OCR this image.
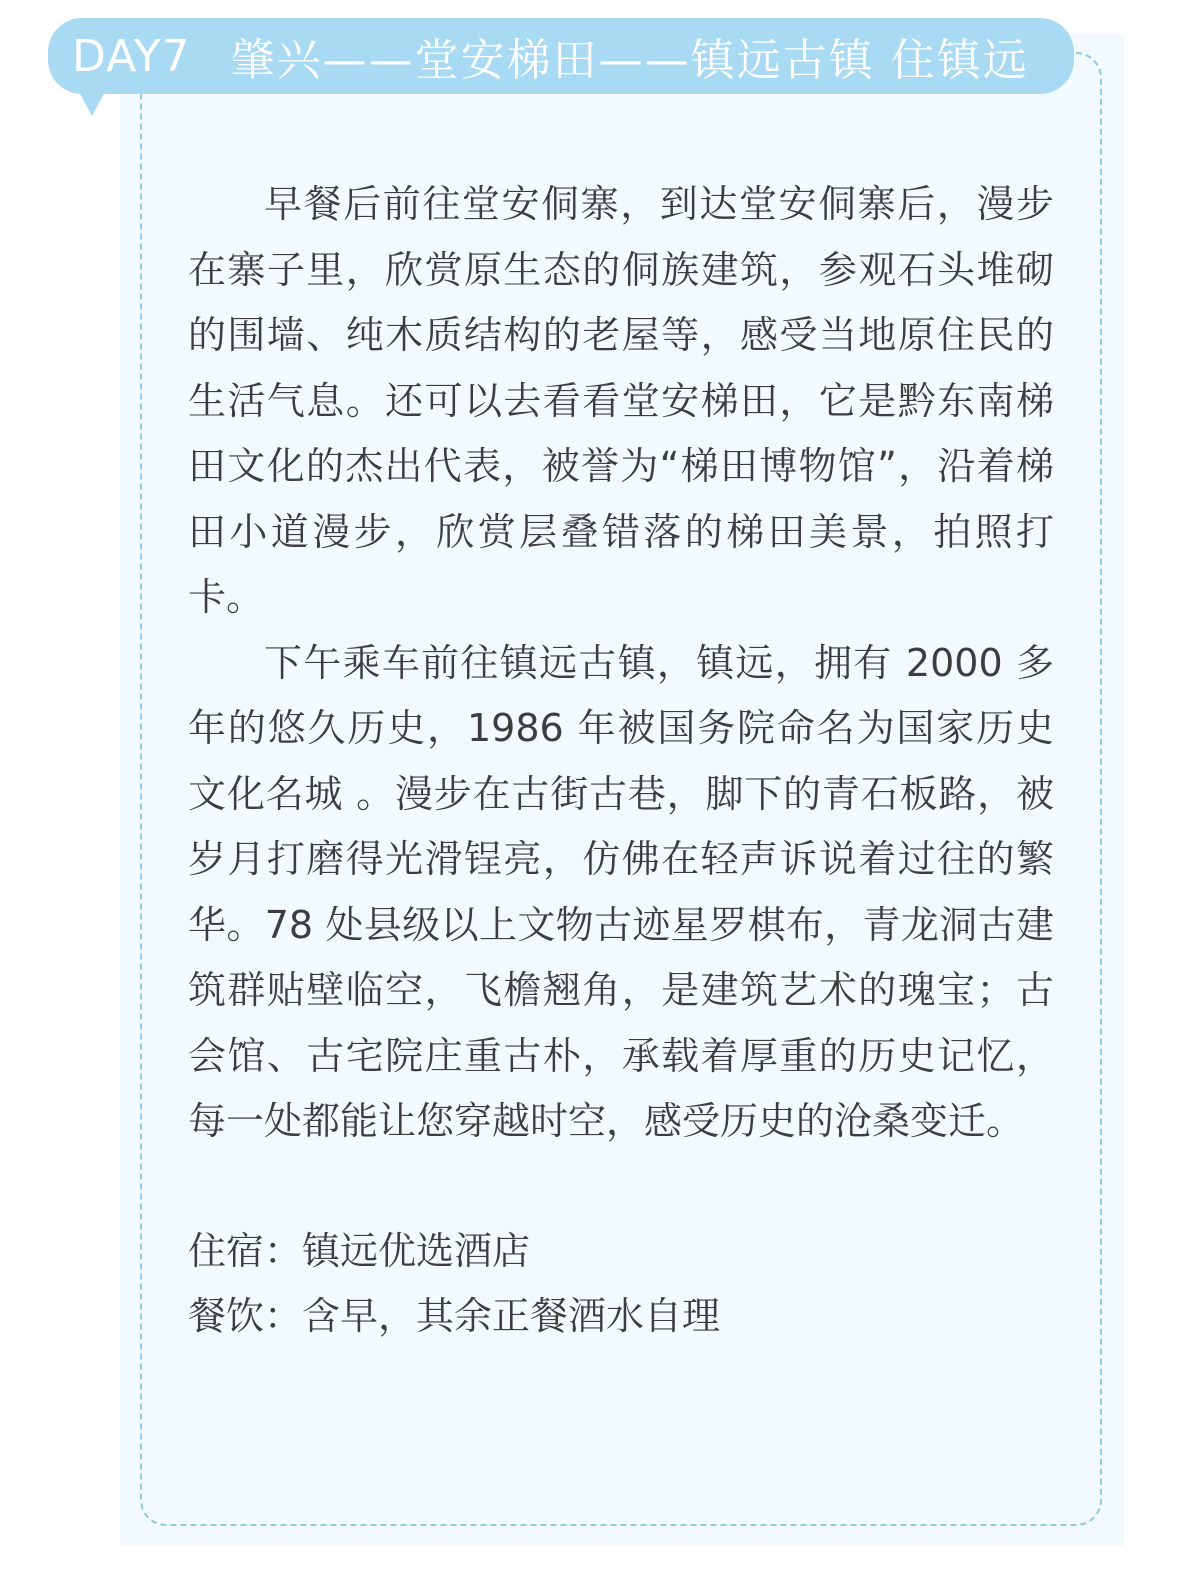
DAY7 肇兴——堂安梯田——镇远古镇 住镇远

早餐后前往堂安侗寨，到达堂安侗寨后，漫步在寨子里，欣赏原生态的侗族建筑，参观石头堆砌的围墙、纯木质结构的老屋等，感受当地原住民的生活气息。还可以去看看堂安梯田，它是黔东南梯田文化的杰出代表，被誉为“梯田博物馆”，沿着梯田小道漫步，欣赏层叠错落的梯田美景，拍照打卡。

下午乘车前往镇远古镇，镇远，拥有 2000 多年的悠久历史，1986 年被国务院命名为国家历史文化名城 。漫步在古街古巷，脚下的青石板路，被岁月打磨得光滑锃亮，仿佛在轻声诉说着过往的繁华。78 处县级以上文物古迹星罗棋布，青龙洞古建筑群贴壁临空，飞檐翘角，是建筑艺术的瑰宝；古会馆、古宅院庄重古朴，承载着厚重的历史记忆，每一处都能让您穿越时空，感受历史的沧桑变迁。

住宿：镇远优选酒店

餐饮：含早，其余正餐酒水自理
